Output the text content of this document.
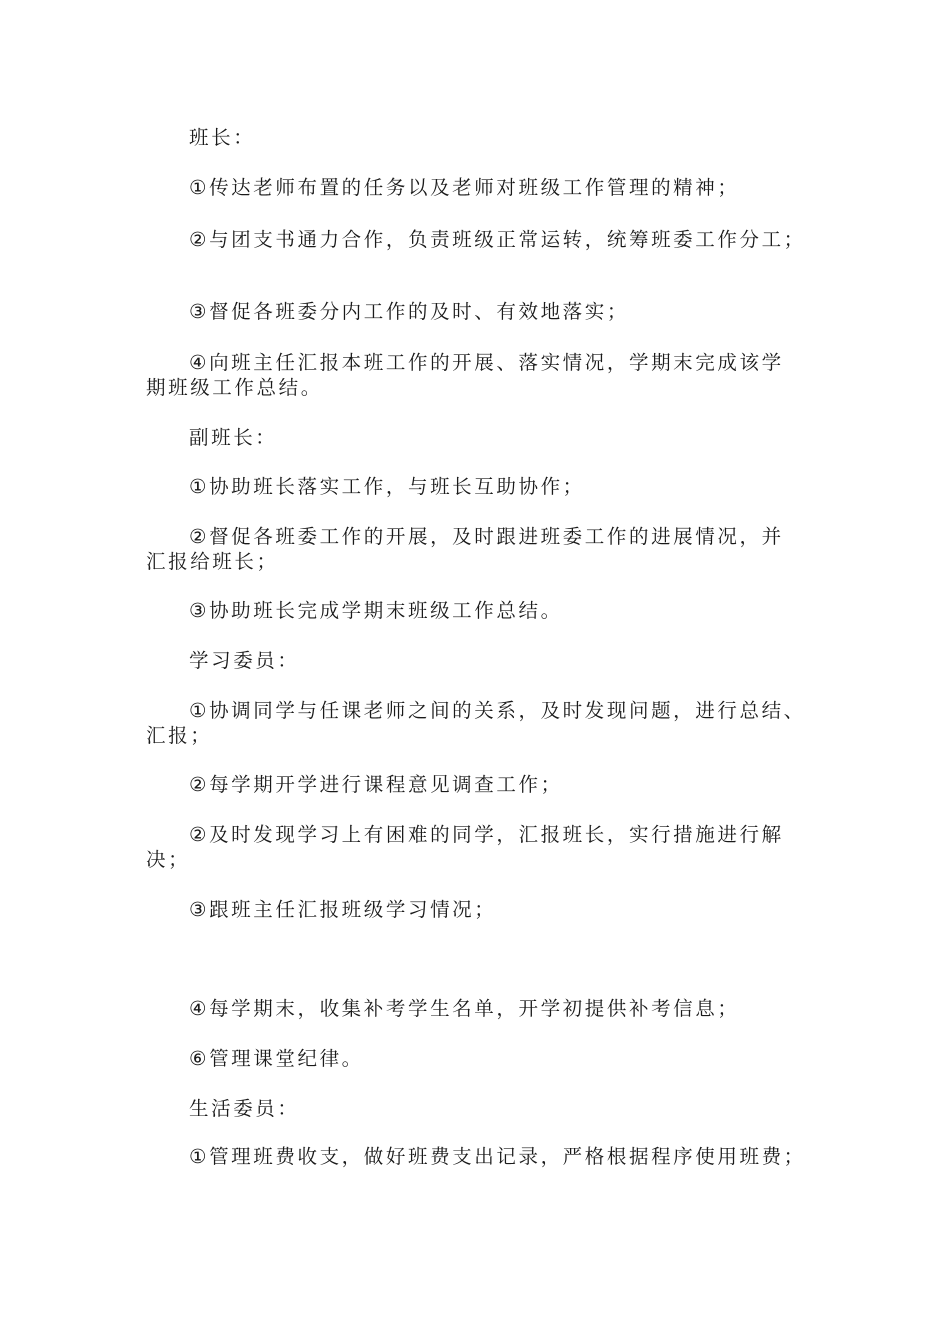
班长：
①传达老师布置的任务以及老师对班级工作管理的精神；
②与团支书通力合作，负责班级正常运转，统筹班委工作分工；
③督促各班委分内工作的及时、有效地落实；
④向班主任汇报本班工作的开展、落实情况，学期末完成该学
期班级工作总结。
副班长：
①协助班长落实工作，与班长互助协作；
②督促各班委工作的开展，及时跟进班委工作的进展情况，并
汇报给班长；
③协助班长完成学期末班级工作总结。
学习委员：
①协调同学与任课老师之间的关系，及时发现问题，进行总结、
汇报；
②每学期开学进行课程意见调查工作；
②及时发现学习上有困难的同学，汇报班长，实行措施进行解
决；
③跟班主任汇报班级学习情况；
④每学期末，收集补考学生名单，开学初提供补考信息；
⑥管理课堂纪律。
生活委员：
①管理班费收支，做好班费支出记录，严格根据程序使用班费；
